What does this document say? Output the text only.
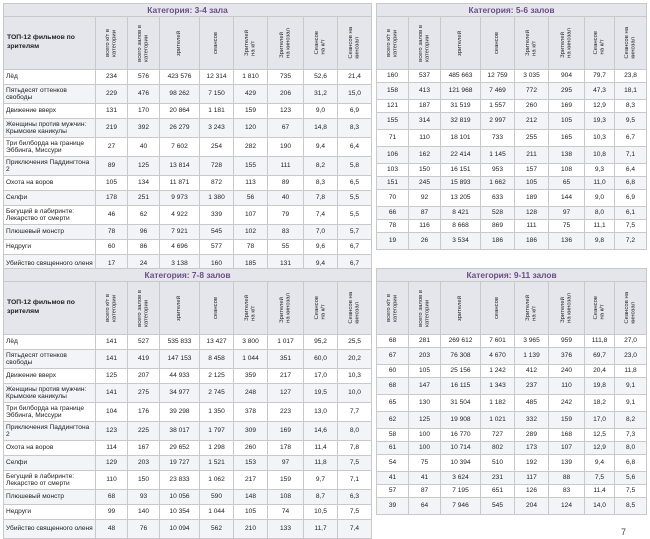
Категория: 3-4 зала								
ТОП-12 фильмов по зрителям	всего к/т в
категории	всего залов в
категории	зрителей	сеансов	Зрителей
на к/т	Зрителей
на кинозал	Сеансов
на к/т	Сеансов на
кинозал

Лёд	234	576	423 576	12 314	1 810	735	52,6	21,4
Пятьдесят оттенков свободы	229	476	98 262	7 150	429	206	31,2	15,0
Движение вверх	131	170	20 864	1 181	159	123	9,0	6,9
Женщины против мужчин: Крымские каникулы	219	392	26 279	3 243	120	67	14,8	8,3
Три билборда на границе Эббинга, Миссури	27	40	7 602	254	282	190	9,4	6,4
Приключения Паддингтона 2	89	125	13 814	728	155	111	8,2	5,8
Охота на воров	105	134	11 871	872	113	89	8,3	6,5
Селфи	178	251	9 973	1 380	56	40	7,8	5,5
Бегущий в лабиринте: Лекарство от смерти	46	62	4 922	339	107	79	7,4	5,5
Плюшевый монстр	78	96	7 921	545	102	83	7,0	5,7
Недруги	60	86	4 696	577	78	55	9,6	6,7
Убийство священного оленя	17	24	3 138	160	185	131	9,4	6,7
Категория: 5-6 залов							

всего к/т в
категории	всего залов в
категории	зрителей	сеансов	Зрителей
на к/т	Зрителей
на кинозал	Сеансов
на к/т	Сеансов на
кинозал

160	537	485 663	12 759	3 035	904	79,7	23,8
158	413	121 968	7 469	772	295	47,3	18,1
121	187	31 519	1 557	260	169	12,9	8,3
155	314	32 819	2 997	212	105	19,3	9,5
71	110	18 101	733	255	165	10,3	6,7
106	162	22 414	1 145	211	138	10,8	7,1
103	150	16 151	953	157	108	9,3	6,4
151	245	15 893	1 662	105	65	11,0	6,8
70	92	13 205	633	189	144	9,0	6,9
66	87	8 421	528	128	97	8,0	6,1
78	116	8 668	869	111	75	11,1	7,5
19	26	3 534	186	186	136	9,8	7,2
Категория: 7-8 залов								
ТОП-12 фильмов по зрителям	всего к/т в
категории	всего залов в
категории	зрителей	сеансов	Зрителей
на к/т	Зрителей
на кинозал	Сеансов
на к/т	Сеансов на
кинозал

Лёд	141	527	535 833	13 427	3 800	1 017	95,2	25,5
Пятьдесят оттенков свободы	141	419	147 153	8 458	1 044	351	60,0	20,2
Движение вверх	125	207	44 933	2 125	359	217	17,0	10,3
Женщины против мужчин: Крымские каникулы	141	275	34 977	2 745	248	127	19,5	10,0
Три билборда на границе Эббинга, Миссури	104	176	39 298	1 350	378	223	13,0	7,7
Приключения Паддингтона 2	123	225	38 017	1 797	309	169	14,6	8,0
Охота на воров	114	167	29 652	1 298	260	178	11,4	7,8
Селфи	129	203	19 727	1 521	153	97	11,8	7,5
Бегущий в лабиринте: Лекарство от смерти	110	150	23 833	1 062	217	159	9,7	7,1
Плюшевый монстр	68	93	10 056	590	148	108	8,7	6,3
Недруги	99	140	10 354	1 044	105	74	10,5	7,5
Убийство священного оленя	48	76	10 094	562	210	133	11,7	7,4
Категория: 9-11 залов							

всего к/т в
категории	всего залов в
категории	зрителей	сеансов	Зрителей
на к/т	Зрителей
на кинозал	Сеансов
на к/т	Сеансов на
кинозал

68	281	269 612	7 601	3 965	959	111,8	27,0
67	203	76 308	4 670	1 139	376	69,7	23,0
60	105	25 156	1 242	412	240	20,4	11,8
68	147	16 115	1 343	237	110	19,8	9,1
65	130	31 504	1 182	485	242	18,2	9,1
62	125	19 908	1 021	332	159	17,0	8,2
58	100	16 770	727	289	168	12,5	7,3
61	100	10 714	802	173	107	12,9	8,0
54	75	10 394	510	192	139	9,4	6,8
41	41	3 624	231	117	88	7,5	5,6
57	87	7 195	651	126	83	11,4	7,5
39	64	7 946	545	204	124	14,0	8,5
7
